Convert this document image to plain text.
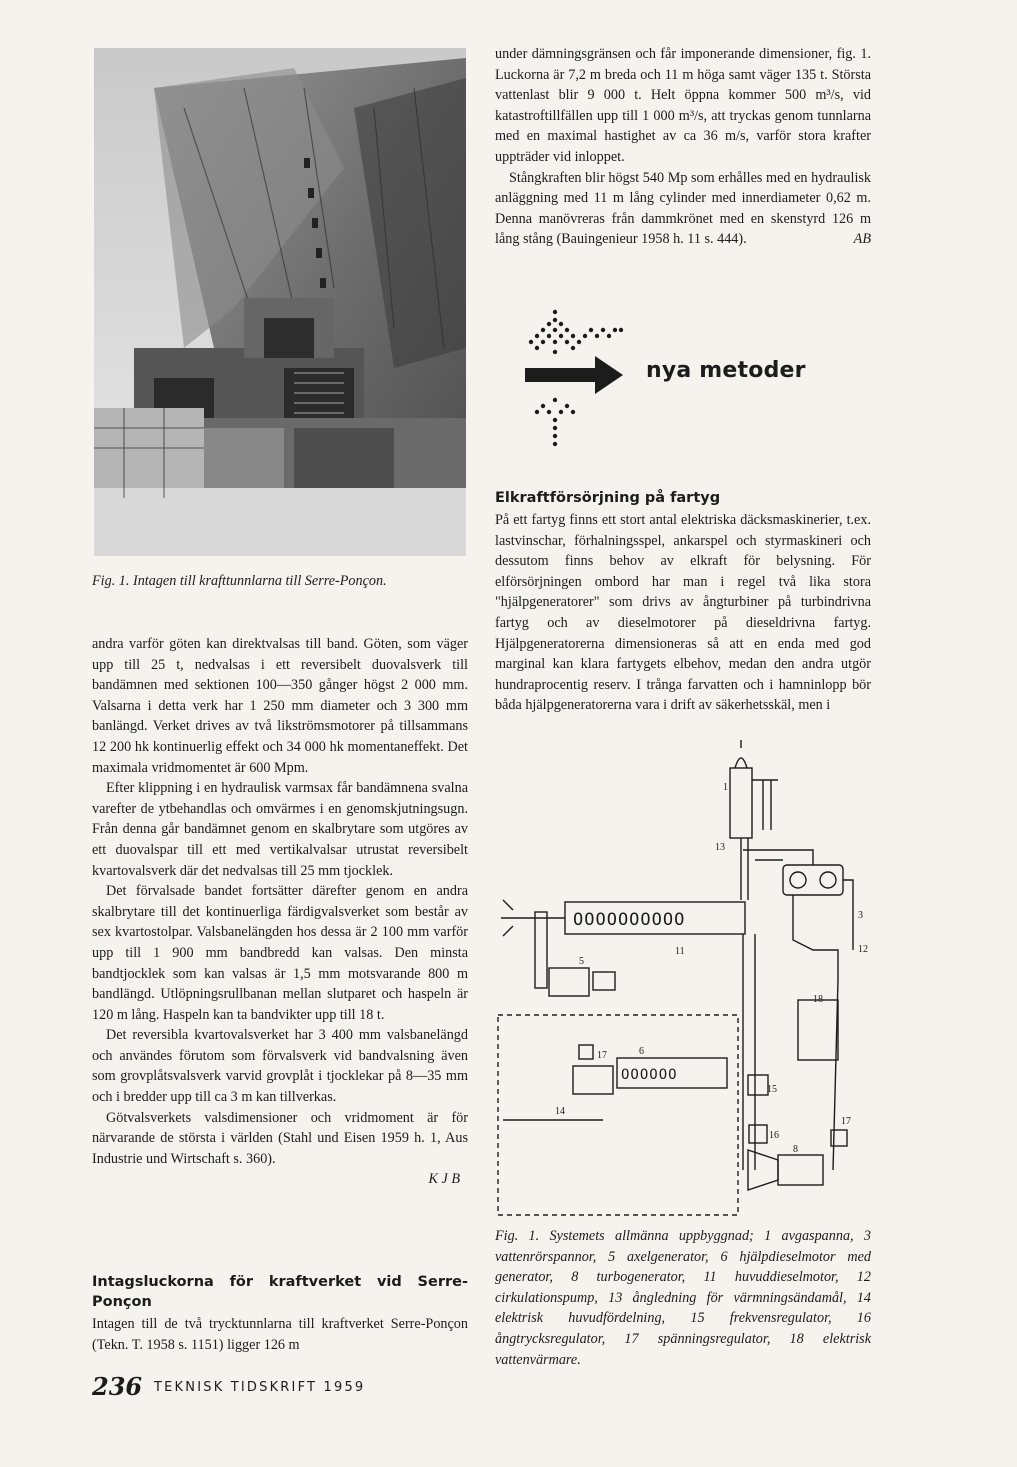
Fig. 1. Intagen till krafttunnlarna till Serre-Ponçon.

andra varför göten kan direktvalsas till band. Göten, som väger upp till 25 t, nedvalsas i ett reversibelt duovalsverk till bandämnen med sektionen 100—350 gånger högst 2 000 mm. Valsarna i detta verk har 1 250 mm diameter och 3 300 mm banlängd. Verket drives av två likströmsmotorer på tillsammans 12 200 hk kontinuerlig effekt och 34 000 hk momentaneffekt. Det maximala vridmomentet är 600 Mpm.

Efter klippning i en hydraulisk varmsax får bandämnena svalna varefter de ytbehandlas och omvärmes i en genomskjutningsugn. Från denna går bandämnet genom en skalbrytare som utgöres av ett duovalspar till ett med vertikalvalsar utrustat reversibelt kvartovalsverk där det nedvalsas till 25 mm tjocklek.

Det förvalsade bandet fortsätter därefter genom en andra skalbrytare till det kontinuerliga färdigvalsverket som består av sex kvartostolpar. Valsbanelängden hos dessa är 2 100 mm varför upp till 1 900 mm bandbredd kan valsas. Den minsta bandtjocklek som kan valsas är 1,5 mm motsvarande 800 m bandlängd. Utlöpningsrullbanan mellan slutparet och haspeln är 120 m lång. Haspeln kan ta bandvikter upp till 18 t.

Det reversibla kvartovalsverket har 3 400 mm valsbanelängd och användes förutom som förvalsverk vid bandvalsning även som grovplåtsvalsverk varvid grovplåt i tjocklekar på 8—35 mm och i bredder upp till ca 3 m kan tillverkas.

Götvalsverkets valsdimensioner och vridmoment är för närvarande de största i världen (Stahl und Eisen 1959 h. 1, Aus Industrie und Wirtschaft s. 360).

K J B
Intagsluckorna för kraftverket vid Serre-Ponçon

Intagen till de två trycktunnlarna till kraftverket Serre-Ponçon (Tekn. T. 1958 s. 1151) ligger 126 m

under dämningsgränsen och får imponerande dimensioner, fig. 1. Luckorna är 7,2 m breda och 11 m höga samt väger 135 t. Största vattenlast blir 9 000 t. Helt öppna kommer 500 m³/s, vid katastroftillfällen upp till 1 000 m³/s, att tryckas genom tunnlarna med en maximal hastighet av ca 36 m/s, varför stora krafter uppträder vid inloppet.

Stångkraften blir högst 540 Mp som erhålles med en hydraulisk anläggning med 11 m lång cylinder med innerdiameter 0,62 m. Denna manövreras från dammkrönet med en skenstyrd 126 m lång stång (Bauingenieur 1958 h. 11 s. 444).	AB

nya metoder
Elkraftförsörjning på fartyg

På ett fartyg finns ett stort antal elektriska däcksmaskinerier, t.ex. lastvinschar, förhalningsspel, ankarspel och styrmaskineri och dessutom finns behov av elkraft för belysning. För elförsörjningen ombord har man i regel två lika stora "hjälpgeneratorer" som drivs av ångturbiner på turbindrivna fartyg och av dieselmotorer på dieseldrivna fartyg. Hjälpgeneratorerna dimensioneras så att en enda med god marginal kan klara fartygets elbehov, medan den andra utgör hundraprocentig reserv. I trånga farvatten och i hamninlopp bör båda hjälpgeneratorerna vara i drift av säkerhetsskäl, men i

OOOOOOOOOO
OOOOOO
1
13
3
12
11
5
18
17	6
15
14
16
17
8
Fig. 1. Systemets allmänna uppbyggnad; 1 avgaspanna, 3 vattenrörspannor, 5 axelgenerator, 6 hjälpdieselmotor med generator, 8 turbogenerator, 11 huvuddieselmotor, 12 cirkulationspump, 13 ångledning för värmningsändamål, 14 elektrisk huvudfördelning, 15 frekvensregulator, 16 ångtrycksregulator, 17 spänningsregulator, 18 elektrisk vattenvärmare.
236 TEKNISK TIDSKRIFT 1959
